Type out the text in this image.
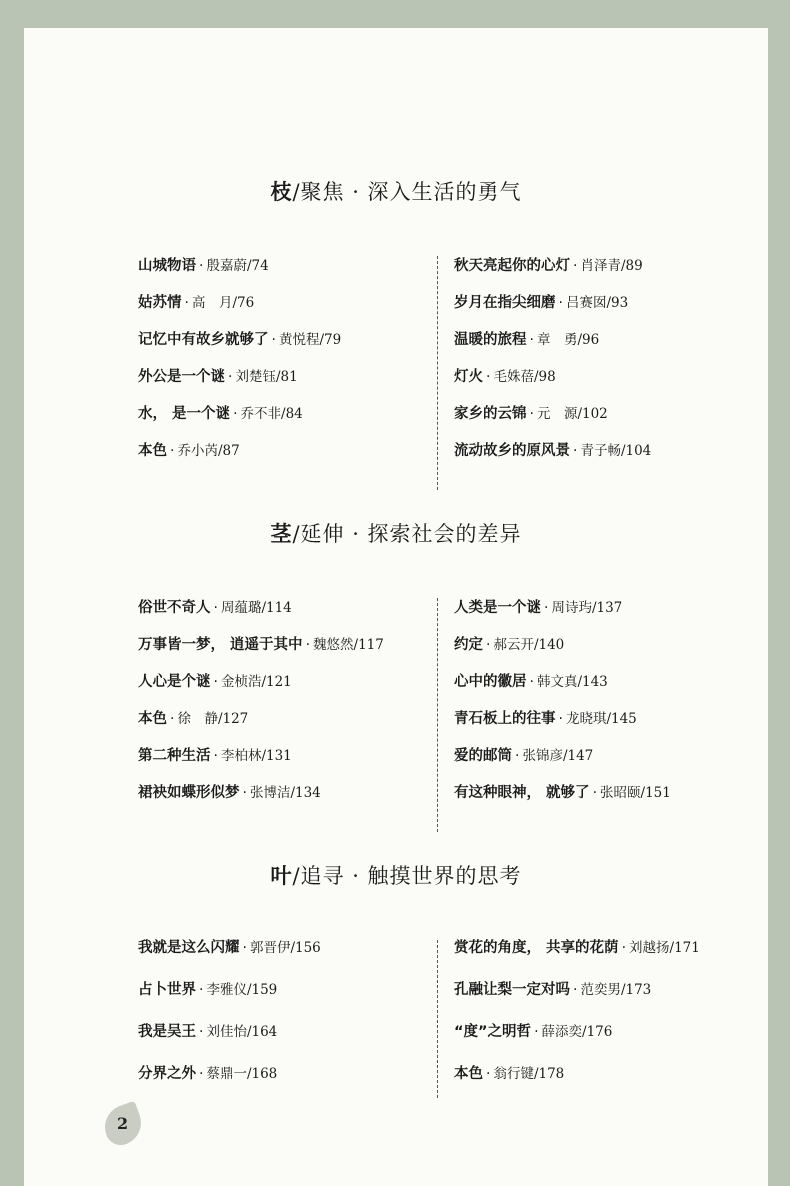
枝/聚焦 · 深入生活的勇气
山城物语 · 殷嘉蔚/74
姑苏情 · 高　月/76
记忆中有故乡就够了 · 黄悦程/79
外公是一个谜 · 刘楚钰/81
水， 是一个谜 · 乔不非/84
本色 · 乔小芮/87
秋天亮起你的心灯 · 肖泽青/89
岁月在指尖细磨 · 吕赛囡/93
温暖的旅程 · 章　勇/96
灯火 · 毛姝蓓/98
家乡的云锦 · 元　源/102
流动故乡的原风景 · 青子畅/104
茎/延伸 · 探索社会的差异
俗世不奇人 · 周蕴璐/114
万事皆一梦， 逍遥于其中 · 魏悠然/117
人心是个谜 · 金桢浩/121
本色 · 徐　静/127
第二种生活 · 李柏林/131
裙袂如蝶形似梦 · 张博洁/134
人类是一个谜 · 周诗玙/137
约定 · 郝云开/140
心中的徽居 · 韩文真/143
青石板上的往事 · 龙晓琪/145
爱的邮筒 · 张锦彦/147
有这种眼神， 就够了 · 张昭颐/151
叶/追寻 · 触摸世界的思考
我就是这么闪耀 · 郭晋伊/156
占卜世界 · 李雅仪/159
我是吴王 · 刘佳怡/164
分界之外 · 蔡鼎一/168
赏花的角度， 共享的花荫 · 刘越扬/171
孔融让梨一定对吗 · 范奕男/173
“度”之明哲 · 薛添奕/176
本色 · 翁行键/178
2
